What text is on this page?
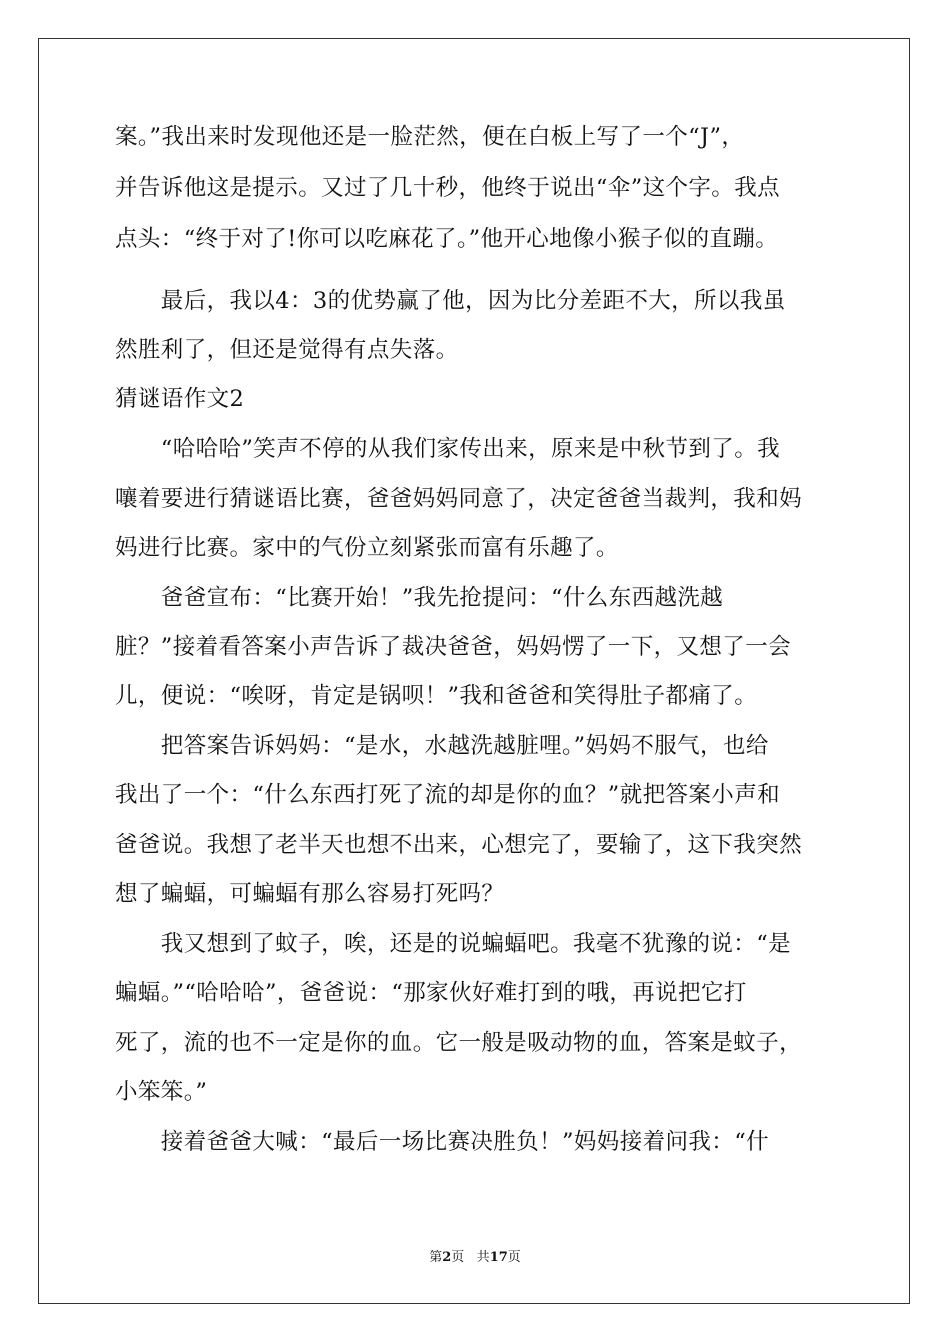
案。”我出来时发现他还是一脸茫然，便在白板上写了一个“J”，
并告诉他这是提示。又过了几十秒，他终于说出“伞”这个字。我点
点头：“终于对了!你可以吃麻花了。”他开心地像小猴子似的直蹦。
　　最后，我以4：3的优势赢了他，因为比分差距不大，所以我虽
然胜利了，但还是觉得有点失落。
猜谜语作文2
　　“哈哈哈”笑声不停的从我们家传出来，原来是中秋节到了。我
嚷着要进行猜谜语比赛，爸爸妈妈同意了，决定爸爸当裁判，我和妈
妈进行比赛。家中的气份立刻紧张而富有乐趣了。
　　爸爸宣布：“比赛开始！”我先抢提问：“什么东西越洗越
脏？”接着看答案小声告诉了裁决爸爸，妈妈愣了一下，又想了一会
儿，便说：“唉呀，肯定是锅呗！”我和爸爸和笑得肚子都痛了。
　　把答案告诉妈妈：“是水，水越洗越脏哩。”妈妈不服气，也给
我出了一个：“什么东西打死了流的却是你的血？”就把答案小声和
爸爸说。我想了老半天也想不出来，心想完了，要输了，这下我突然
想了蝙蝠，可蝙蝠有那么容易打死吗？
　　我又想到了蚊子，唉，还是的说蝙蝠吧。我毫不犹豫的说：“是
蝙蝠。”“哈哈哈”，爸爸说：“那家伙好难打到的哦，再说把它打
死了，流的也不一定是你的血。它一般是吸动物的血，答案是蚊子，
小笨笨。”
　　接着爸爸大喊：“最后一场比赛决胜负！”妈妈接着问我：“什
第2页 共17页
